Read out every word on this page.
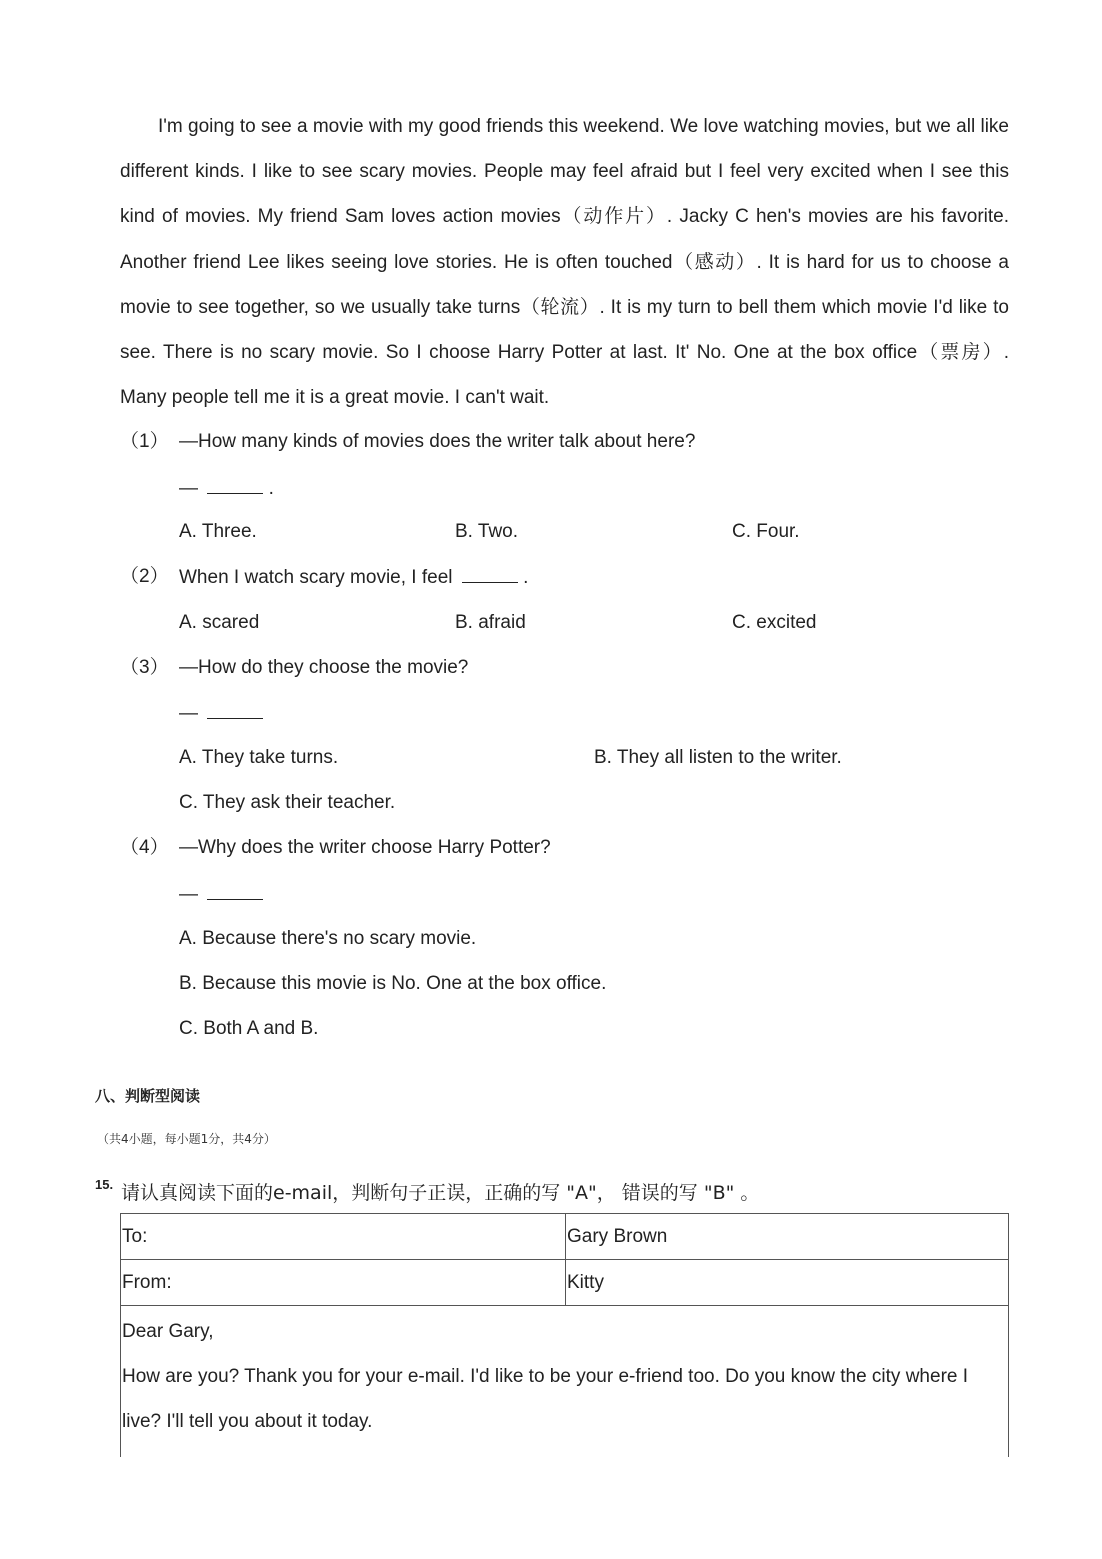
I'm going to see a movie with my good friends this weekend. We love watching movies, but we all like different kinds. I like to see scary movies. People may feel afraid but I feel very excited when I see this kind of movies. My friend Sam loves action movies（动作片）. Jacky C hen's movies are his favorite. Another friend Lee likes seeing love stories. He is often touched（感动）. It is hard for us to choose a movie to see together, so we usually take turns（轮流）. It is my turn to bell them which movie I'd like to see. There is no scary movie. So I choose Harry Potter at last. It' No. One at the box office（票房）. Many people tell me it is a great movie. I can't wait.

（1） —How many kinds of movies does the writer talk about here?
—	.
A. Three.	B. Two.	C. Four.
（2） When I watch scary movie, I feel	.
A. scared	B. afraid	C. excited
（3） —How do they choose the movie?
—
A. They take turns.	B. They all listen to the writer.
C. They ask their teacher.
（4） —Why does the writer choose Harry Potter?
—
A. Because there's no scary movie.
B. Because this movie is No. One at the box office.
C. Both A and B.
八、判断型阅读
（共4小题，每小题1分，共4分）
15. 请认真阅读下面的e-mail，判断句子正误，正确的写 "A"， 错误的写 "B" 。
To:	Gary Brown
From:	Kitty

Dear Gary,
How are you? Thank you for your e-mail. I'd like to be your e-friend too. Do you know the city where I live? I'll tell you about it today.	
